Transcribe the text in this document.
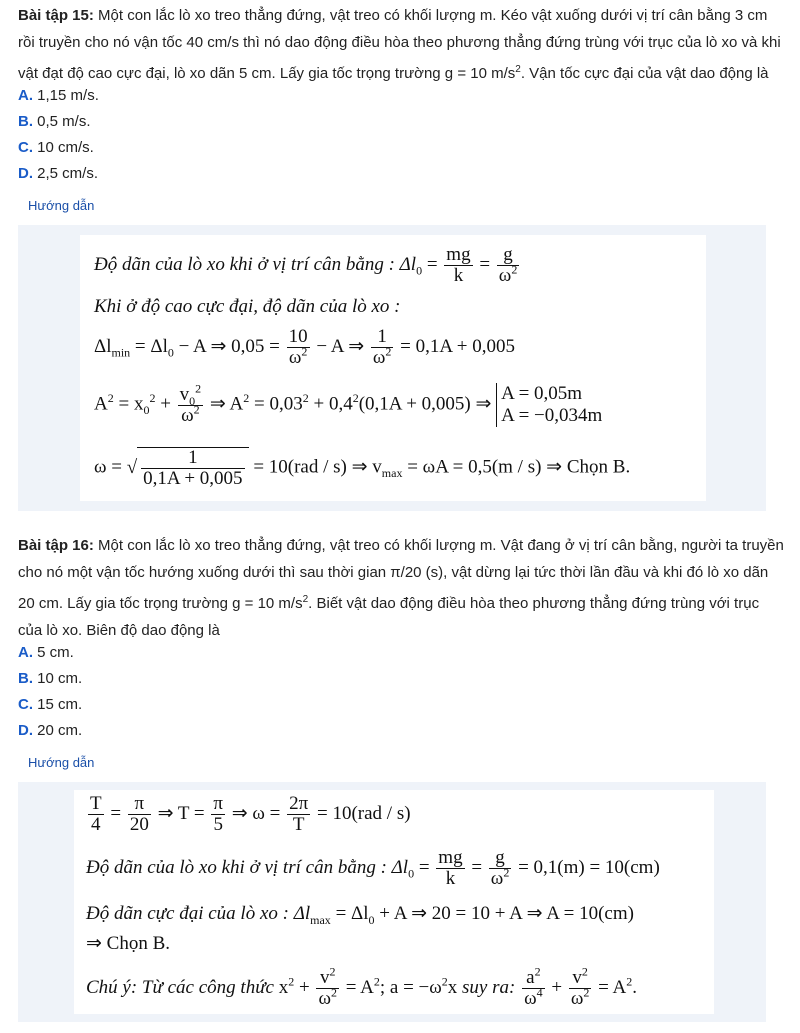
Bài tập 15: Một con lắc lò xo treo thẳng đứng, vật treo có khối lượng m. Kéo vật xuống dưới vị trí cân bằng 3 cm
rồi truyền cho nó vận tốc 40 cm/s thì nó dao động điều hòa theo phương thẳng đứng trùng với trục của lò xo và khi
vật đạt độ cao cực đại, lò xo dãn 5 cm. Lấy gia tốc trọng trường g = 10 $m/s^2$. Vận tốc cực đại của vật dao động là
A. 1,15 m/s.
B. 0,5 m/s.
C. 10 cm/s.
D. 2,5 cm/s.
Hướng dẫn
Độ dãn của lò xo khi ở vị trí cân bằng : $\Delta l_0 = \frac{mg}{k} = \frac{g}{\omega^2}$
Khi ở độ cao cực đại, độ dãn của lò xo :
$\Delta l_{min} = \Delta l_0 - A$ ⇒ $0,05 = \frac{10}{\omega^2} - A$ ⇒ $\frac{1}{\omega^2} = 0,1A + 0,005$
$A^2 = x_0^2 + \frac{v_0^2}{\omega^2}$ ⇒ $A^2 = 0,03^2 + 0,4^2(0,1A + 0,005)$ ⇒ A = 0,05m
A = −0,034m
ω = √ $\frac{1}{0,1A + 0,005} = 10(rad / s)$ ⇒ $v_{max} = \omega A = 0,5(m / s)$ ⇒ Chọn B.
Bài tập 16: Một con lắc lò xo treo thẳng đứng, vật treo có khối lượng m. Vật đang ở vị trí cân bằng, người ta truyền
cho nó một vận tốc hướng xuống dưới thì sau thời gian π/20 (s), vật dừng lại tức thời lần đầu và khi đó lò xo dãn
20 cm. Lấy gia tốc trọng trường g = 10 $m/s^2$. Biết vật dao động điều hòa theo phương thẳng đứng trùng với trục
của lò xo. Biên độ dao động là
A. 5 cm.
B. 10 cm.
C. 15 cm.
D. 20 cm.
Hướng dẫn
$\frac{T}{4} = \frac{\pi}{20}$ ⇒ $T = \frac{\pi}{5}$ ⇒ $\omega = \frac{2\pi}{T} = 10(rad / s)$
Độ dãn của lò xo khi ở vị trí cân bằng : $\Delta l_0 = \frac{mg}{k} = \frac{g}{\omega^2} = 0,1(m) = 10(cm)$
Độ dãn cực đại của lò xo : $\Delta l_{max} = \Delta l_0 + A$ ⇒ 20 = 10 + A ⇒ A = 10(cm)
⇒ Chọn B.
Chú ý: Từ các công thức $x^2 + \frac{v^2}{\omega^2} = A^2$; $a = -\omega^2x$ suy ra: $\frac{a^2}{\omega^4} + \frac{v^2}{\omega^2} = A^2$.
